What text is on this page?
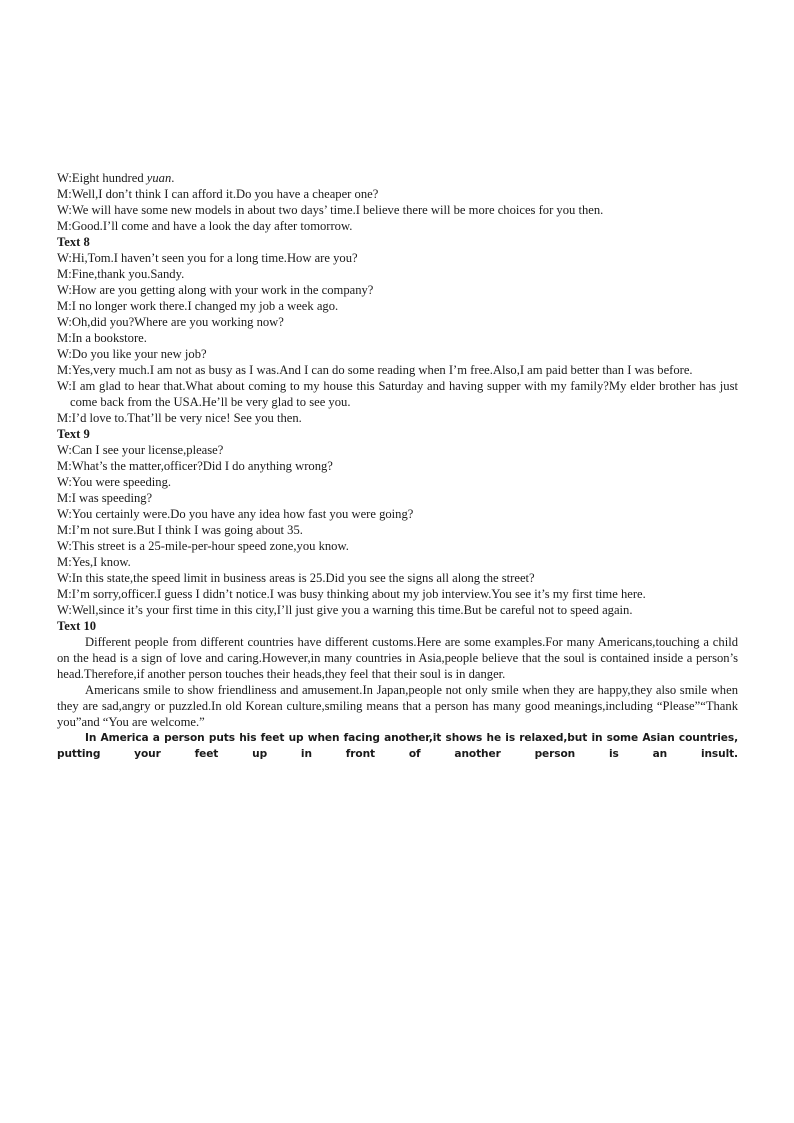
W:Eight hundred yuan.
M:Well,I don’t think I can afford it.Do you have a cheaper one?
W:We will have some new models in about two days’ time.I believe there will be more choices for you then.
M:Good.I’ll come and have a look the day after tomorrow.
Text 8
W:Hi,Tom.I haven’t seen you for a long time.How are you?
M:Fine,thank you.Sandy.
W:How are you getting along with your work in the company?
M:I no longer work there.I changed my job a week ago.
W:Oh,did you?Where are you working now?
M:In a bookstore.
W:Do you like your new job?
M:Yes,very much.I am not as busy as I was.And I can do some reading when I’m free.Also,I am paid better than I was before.
W:I am glad to hear that.What about coming to my house this Saturday and having supper with my family?My elder brother has just come back from the USA.He’ll be very glad to see you.
M:I’d love to.That’ll be very nice! See you then.
Text 9
W:Can I see your license,please?
M:What’s the matter,officer?Did I do anything wrong?
W:You were speeding.
M:I was speeding?
W:You certainly were.Do you have any idea how fast you were going?
M:I’m not sure.But I think I was going about 35.
W:This street is a 25-mile-per-hour speed zone,you know.
M:Yes,I know.
W:In this state,the speed limit in business areas is 25.Did you see the signs all along the street?
M:I’m sorry,officer.I guess I didn’t notice.I was busy thinking about my job interview.You see it’s my first time here.
W:Well,since it’s your first time in this city,I’ll just give you a warning this time.But be careful not to speed again.
Text 10
Different people from different countries have different customs.Here are some examples.For many Americans,touching a child on the head is a sign of love and caring.However,in many countries in Asia,people believe that the soul is contained inside a person’s head.Therefore,if another person touches their heads,they feel that their soul is in danger.
Americans smile to show friendliness and amusement.In Japan,people not only smile when they are happy,they also smile when they are sad,angry or puzzled.In old Korean culture,smiling means that a person has many good meanings,including “Please”“Thank you”and “You are welcome.”
In America a person puts his feet up when facing another,it shows he is relaxed,but in some Asian countries, putting your feet up in front of another person is an insult.
